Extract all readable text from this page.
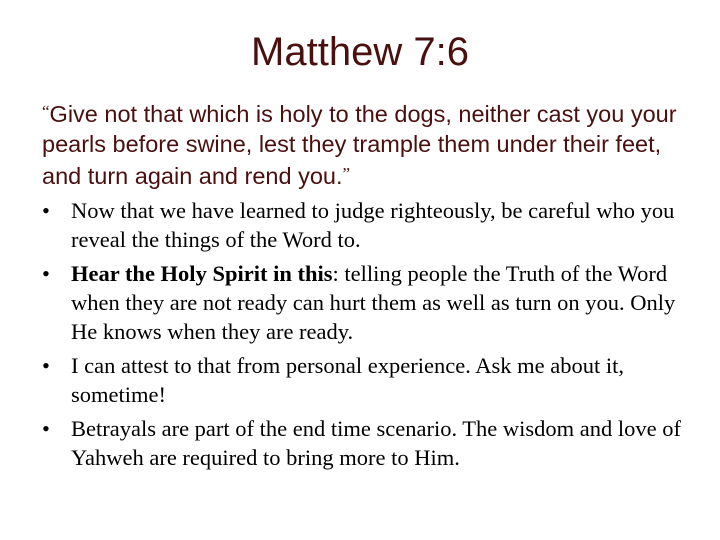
Matthew 7:6
“Give not that which is holy to the dogs, neither cast you your pearls before swine, lest they trample them under their feet, and turn again and rend you.”
• Now that we have learned to judge righteously, be careful who you reveal the things of the Word to.
• Hear the Holy Spirit in this: telling people the Truth of the Word when they are not ready can hurt them as well as turn on you. Only He knows when they are ready.
• I can attest to that from personal experience. Ask me about it, sometime!
• Betrayals are part of the end time scenario. The wisdom and love of Yahweh are required to bring more to Him.
